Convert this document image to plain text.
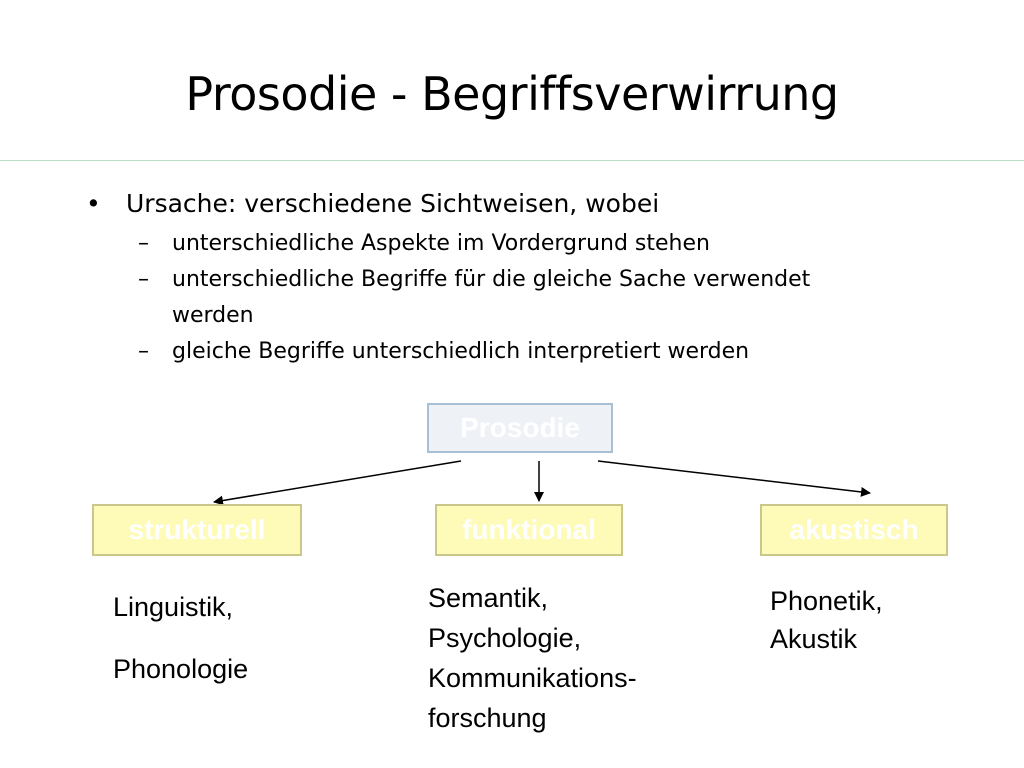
Prosodie - Begriffsverwirrung
• Ursache: verschiedene Sichtweisen, wobei
– unterschiedliche Aspekte im Vordergrund stehen
– unterschiedliche Begriffe für die gleiche Sache verwendet werden
– gleiche Begriffe unterschiedlich interpretiert werden
Prosodie
strukturell	funktional	akustisch
Linguistik,
Phonologie
Semantik,
Psychologie,
Kommunikations-
forschung
Phonetik,
Akustik
